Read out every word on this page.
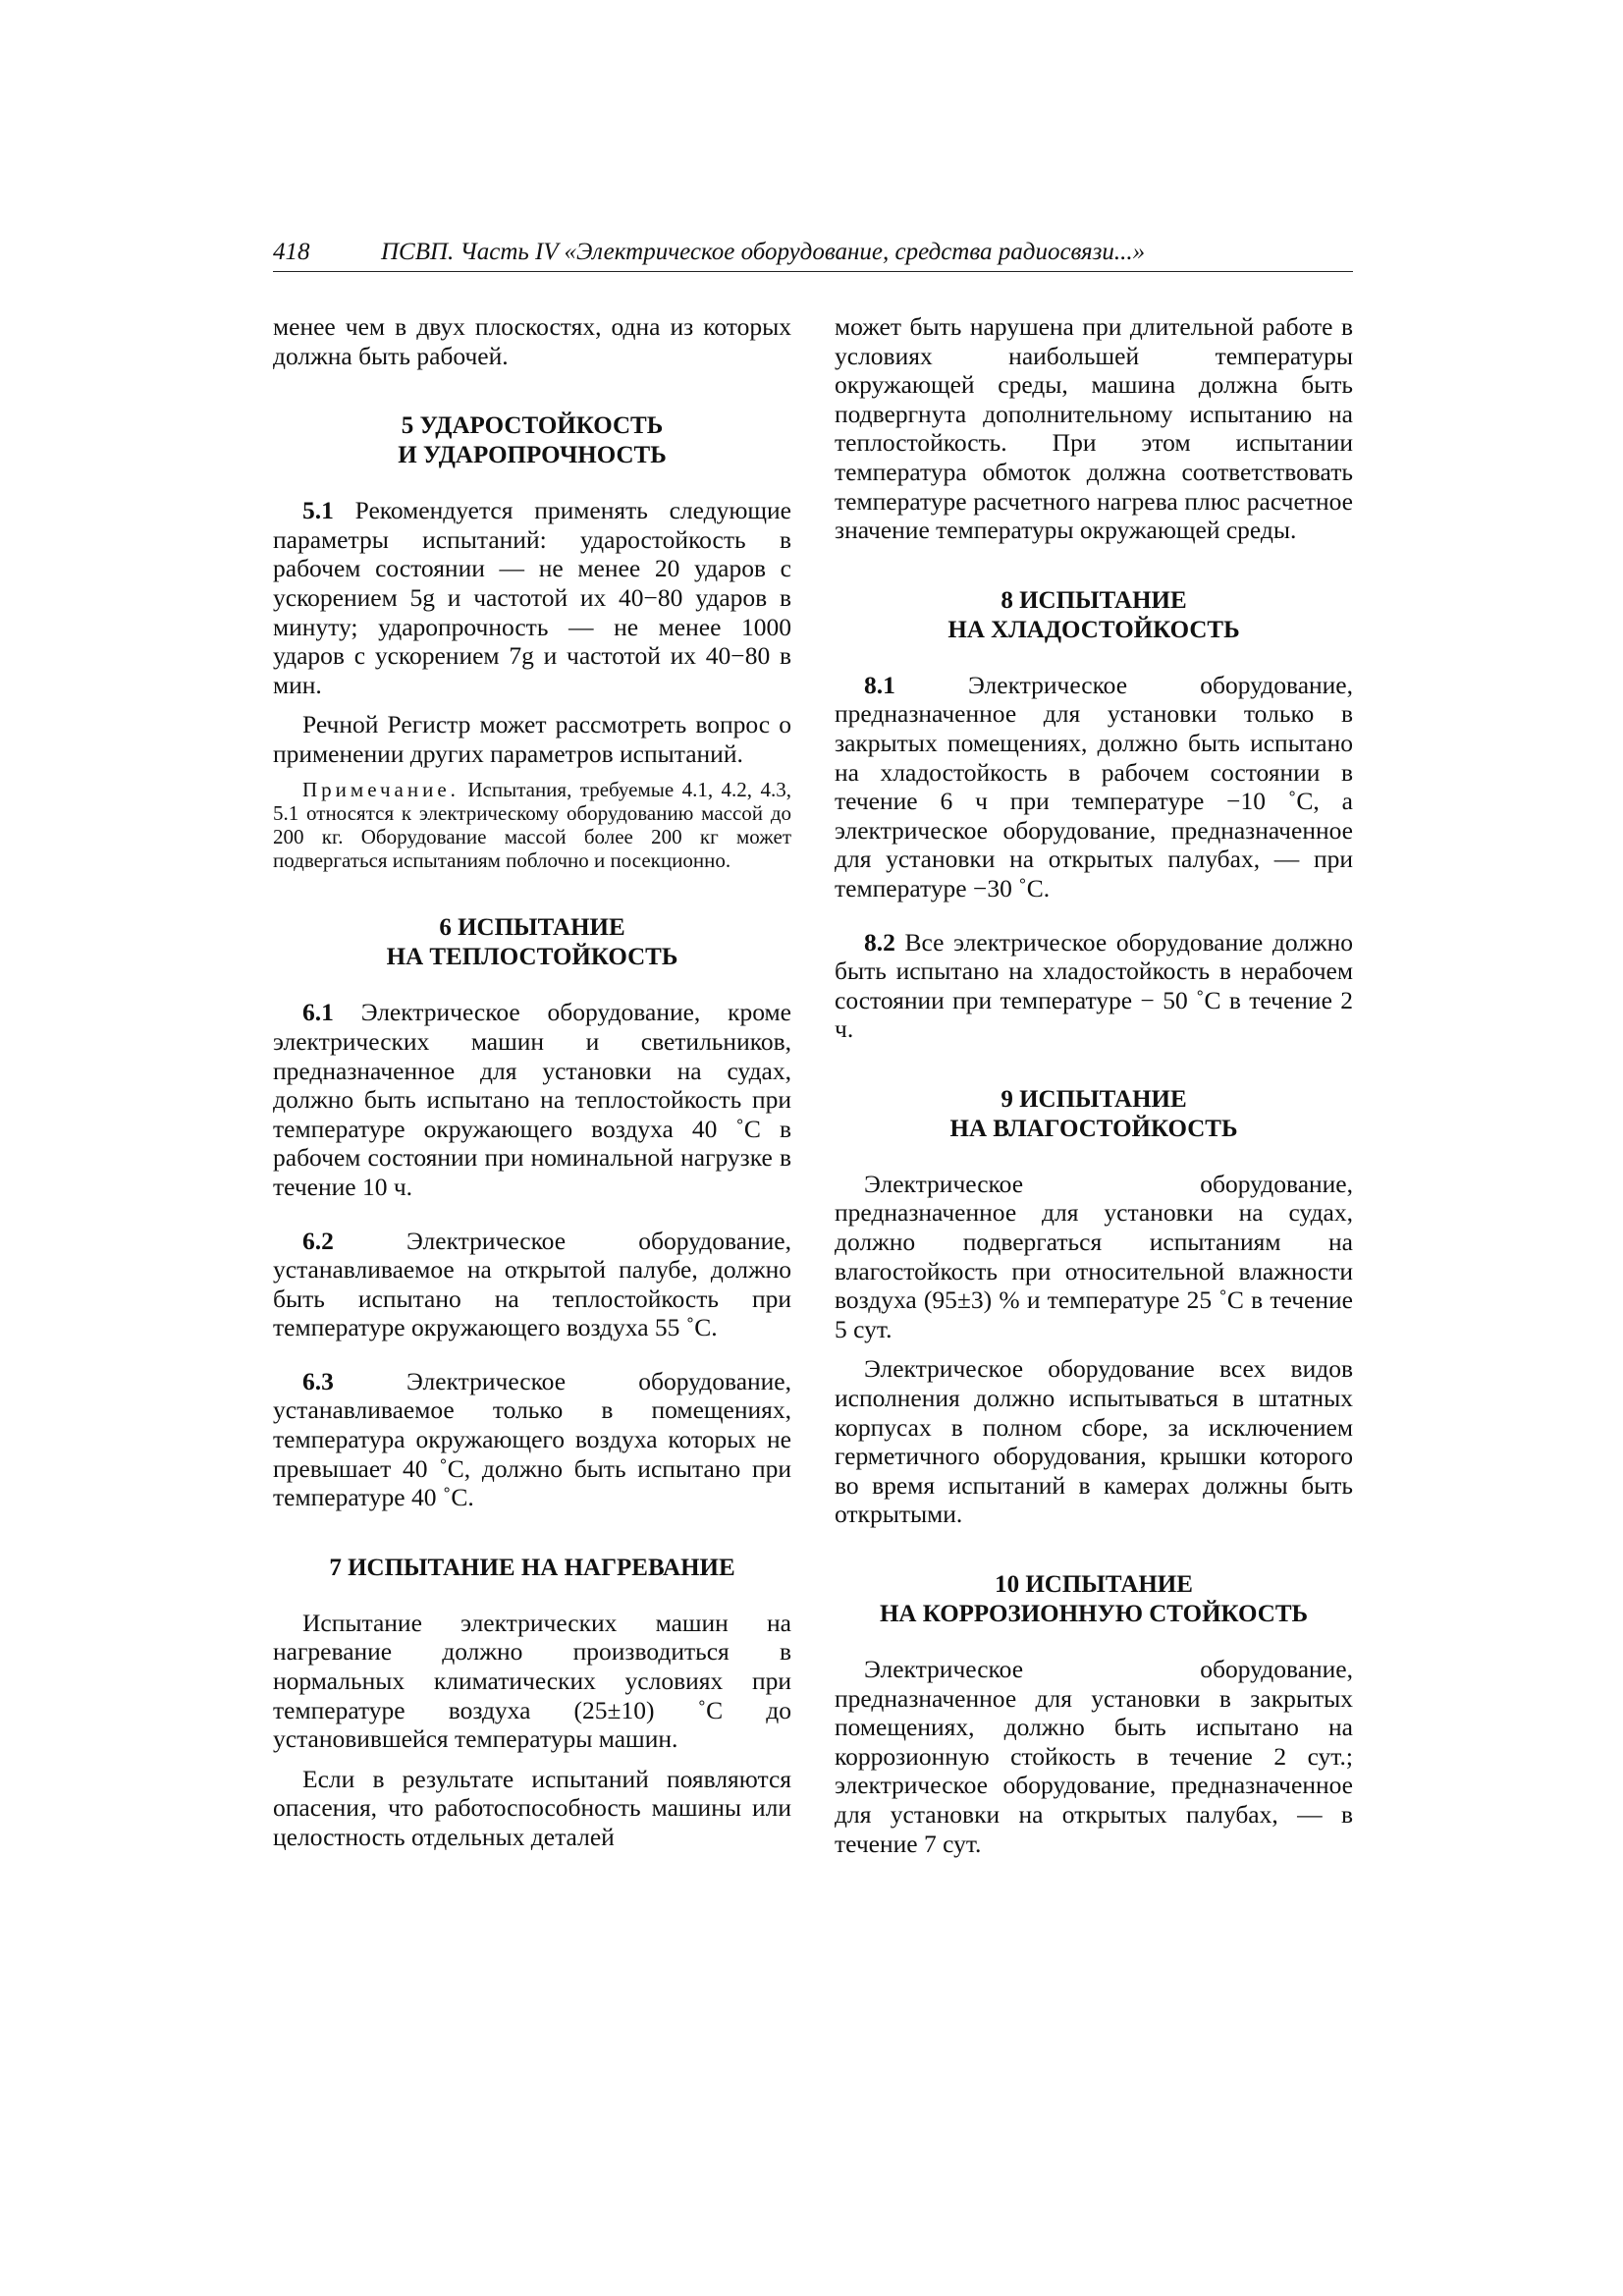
418	ПСВП. Часть IV «Электрическое оборудование, средства радиосвязи...»

менее чем в двух плоскостях, одна из которых должна быть рабочей.

5 УДАРОСТОЙКОСТЬ
И УДАРОПРОЧНОСТЬ

5.1 Рекомендуется применять следующие параметры испытаний: ударостойкость в рабочем состоянии — не менее 20 ударов с ускорением 5g и частотой их 40−80 ударов в минуту; ударопрочность — не менее 1000 ударов с ускорением 7g и частотой их 40−80 в мин.

Речной Регистр может рассмотреть вопрос о применении других параметров испытаний.

Примечание. Испытания, требуемые 4.1, 4.2, 4.3, 5.1 относятся к электрическому оборудованию массой до 200 кг. Оборудование массой более 200 кг может подвергаться испытаниям поблочно и посекционно.
6 ИСПЫТАНИЕ
НА ТЕПЛОСТОЙКОСТЬ

6.1 Электрическое оборудование, кроме электрических машин и светильников, предназначенное для установки на судах, должно быть испытано на теплостойкость при температуре окружающего воздуха 40 ˚С в рабочем состоянии при номинальной нагрузке в течение 10 ч.

6.2	Электрическое оборудование, устанавливаемое на открытой палубе, должно быть испытано на теплостойкость при температуре окружающего воздуха 55 ˚С.

6.3	Электрическое оборудование, устанавливаемое только в помещениях, температура окружающего воздуха которых не превышает 40 ˚С, должно быть испытано при температуре 40 ˚С.

7 ИСПЫТАНИЕ НА НАГРЕВАНИЕ

Испытание электрических машин на нагревание должно производиться в нормальных климатических условиях при температуре воздуха (25±10) ˚С до установившейся температуры машин.

Если в результате испытаний появляются опасения, что работоспособность машины или целостность отдельных деталей

может быть нарушена при длительной работе в условиях наибольшей температуры окружающей среды, машина должна быть подвергнута дополнительному испытанию на теплостойкость. При этом испытании температура обмоток должна соответствовать температуре расчетного нагрева плюс расчетное значение температуры окружающей среды.

8 ИСПЫТАНИЕ
НА ХЛАДОСТОЙКОСТЬ

8.1	Электрическое оборудование, предназначенное для установки только в закрытых помещениях, должно быть испытано на хладостойкость в рабочем состоянии в течение 6 ч при температуре −10 ˚С, а электрическое оборудование, предназначенное для установки на открытых палубах, — при температуре −30 ˚С.

8.2 Все электрическое оборудование должно быть испытано на хладостойкость в нерабочем состоянии при температуре − 50 ˚С в течение 2 ч.

9 ИСПЫТАНИЕ
НА ВЛАГОСТОЙКОСТЬ

Электрическое оборудование, предназначенное для установки на судах, должно подвергаться испытаниям на влагостойкость при относительной влажности воздуха (95±3) % и температуре 25 ˚С в течение 5 сут.

Электрическое оборудование всех видов исполнения должно испытываться в штатных корпусах в полном сборе, за исключением герметичного оборудования, крышки которого во время испытаний в камерах должны быть открытыми.

10 ИСПЫТАНИЕ
НА КОРРОЗИОННУЮ СТОЙКОСТЬ

Электрическое оборудование, предназначенное для установки в закрытых помещениях, должно быть испытано на коррозионную стойкость в течение 2 сут.; электрическое оборудование, предназначенное для установки на открытых палубах, — в течение 7 сут.
